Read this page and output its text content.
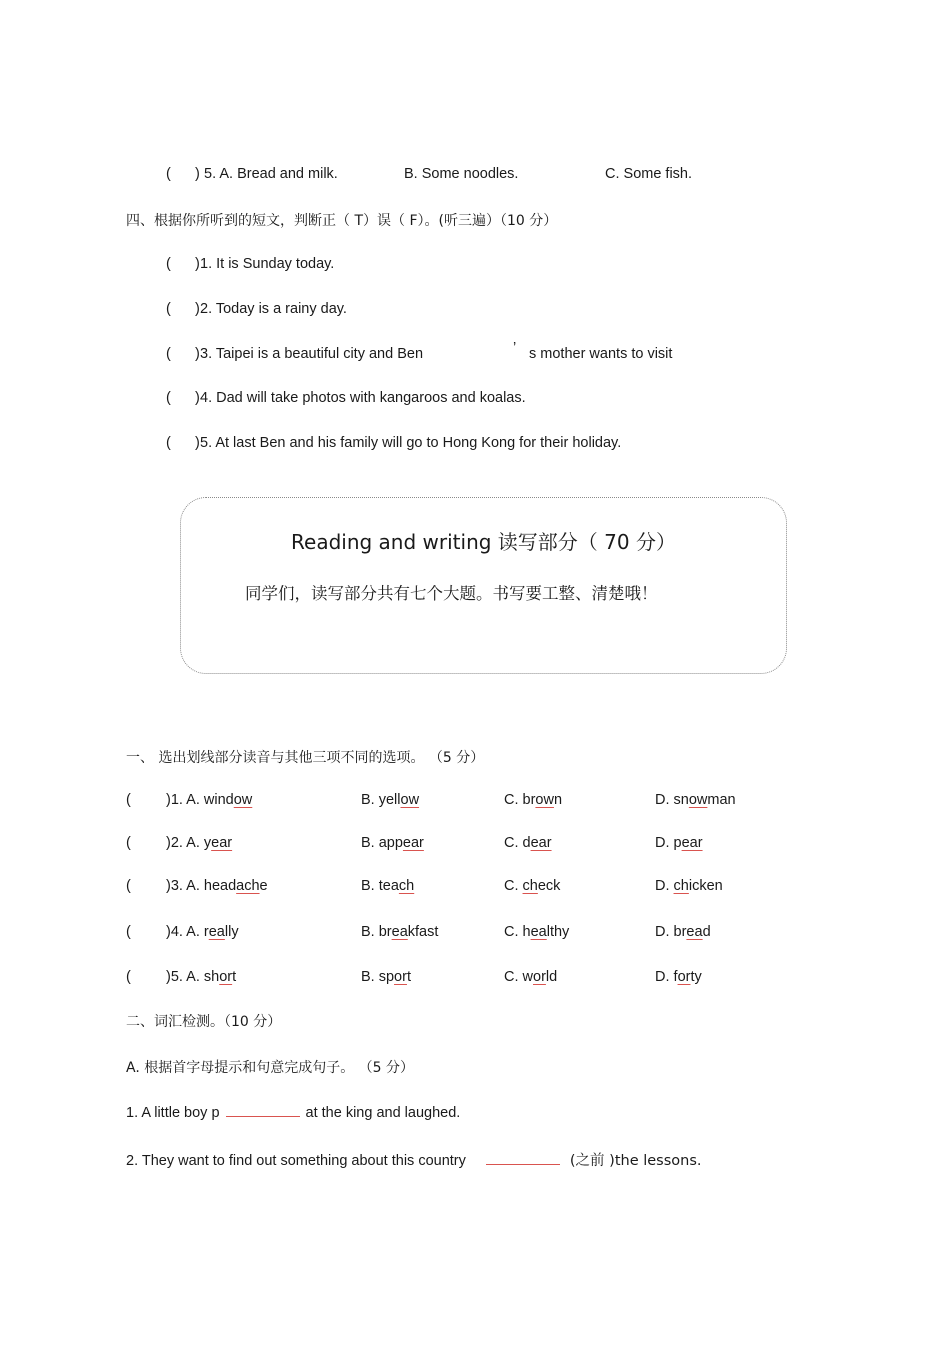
(      ) 5. A. Bread and milk.	B. Some noodles.	C. Some fish.
四、根据你所听到的短文，判断正（ T）误（ F）。(听三遍）（10 分）
(      )1. It is Sunday today.
(      )2. Today is a rainy day.
(      )3. Taipei is a beautiful city and Ben	’ s mother wants to visit
(      )4. Dad will take photos with kangaroos and koalas.
(      )5. At last Ben and his family will go to Hong Kong for their holiday.
Reading and writing 读写部分（ 70 分）
同学们，读写部分共有七个大题。书写要工整、清楚哦！
一、 选出划线部分读音与其他三项不同的选项。 （5 分）
( )1. A. window	B. yellow	C. brown	D. snowman
( )2. A. year	B. appear	C. dear	D. pear
( )3. A. headache	B. teach	C. check	D. chicken
( )4. A. really	B. breakfast	C. healthy	D. bread
( )5. A. short	B. sport	C. world	D. forty
二、词汇检测。（10 分）
A. 根据首字母提示和句意完成句子。 （5 分）
1. A little boy p	at the king and laughed.
2. They want to find out something about this country	(之前 )the lessons.
